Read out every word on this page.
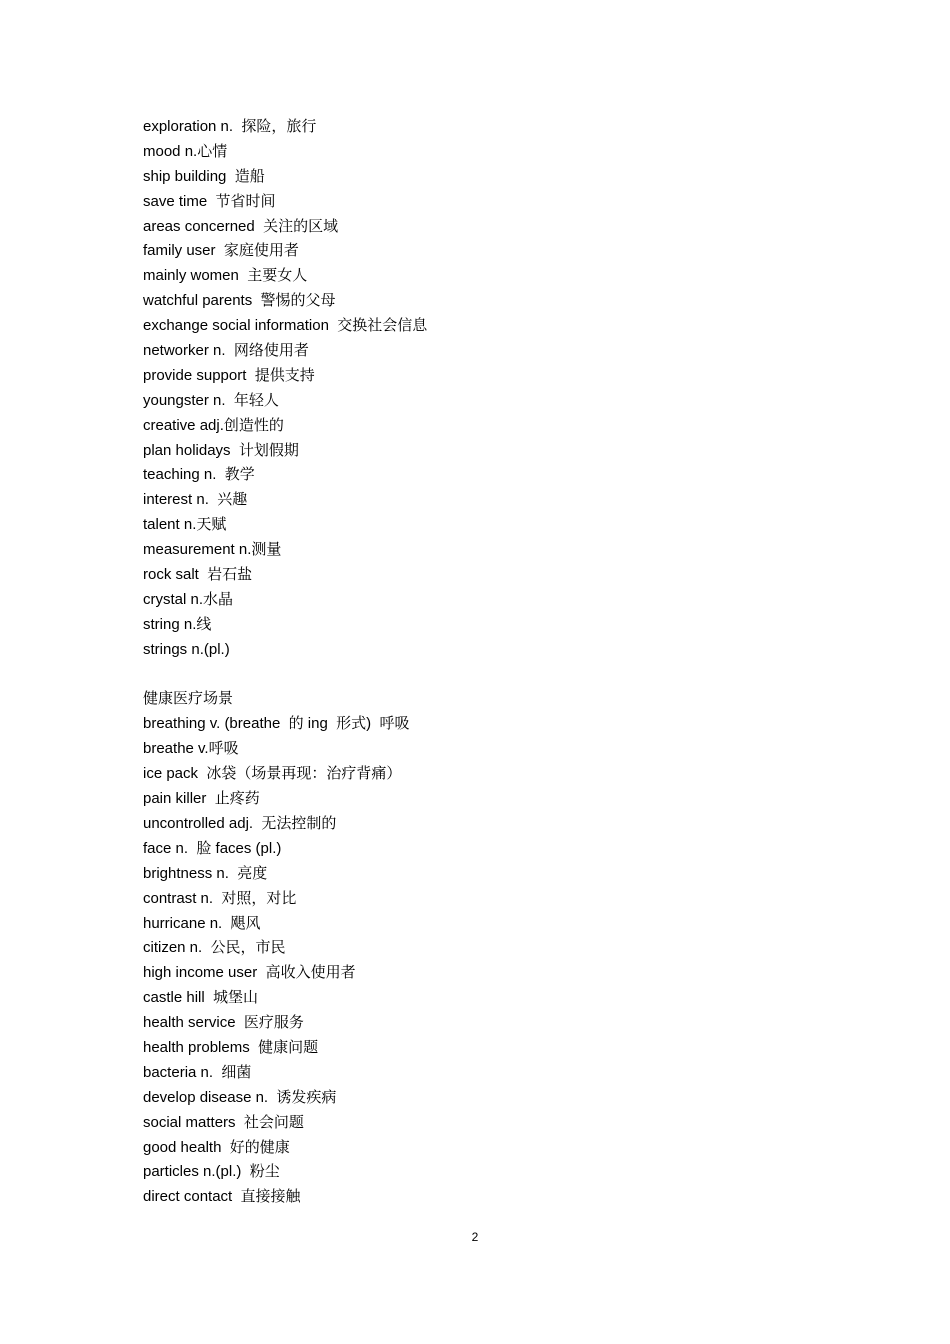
exploration n.  探险，旅行
mood n.心情
ship building  造船
save time  节省时间
areas concerned  关注的区域
family user  家庭使用者
mainly women  主要女人
watchful parents  警惕的父母
exchange social information  交换社会信息
networker n.  网络使用者
provide support  提供支持
youngster n.  年轻人
creative adj.创造性的
plan holidays  计划假期
teaching n.  教学
interest n.  兴趣
talent n.天赋
measurement n.测量
rock salt  岩石盐
crystal n.水晶
string n.线
strings n.(pl.)
健康医疗场景
breathing v. (breathe  的 ing  形式)  呼吸
breathe v.呼吸
ice pack  冰袋（场景再现：治疗背痛）
pain killer  止疼药
uncontrolled adj.  无法控制的
face n.  脸 faces (pl.)
brightness n.  亮度
contrast n.  对照，对比
hurricane n.  飓风
citizen n.  公民，市民
high income user  高收入使用者
castle hill  城堡山
health service  医疗服务
health problems  健康问题
bacteria n.  细菌
develop disease n.  诱发疾病
social matters  社会问题
good health  好的健康
particles n.(pl.)  粉尘
direct contact  直接接触
2
